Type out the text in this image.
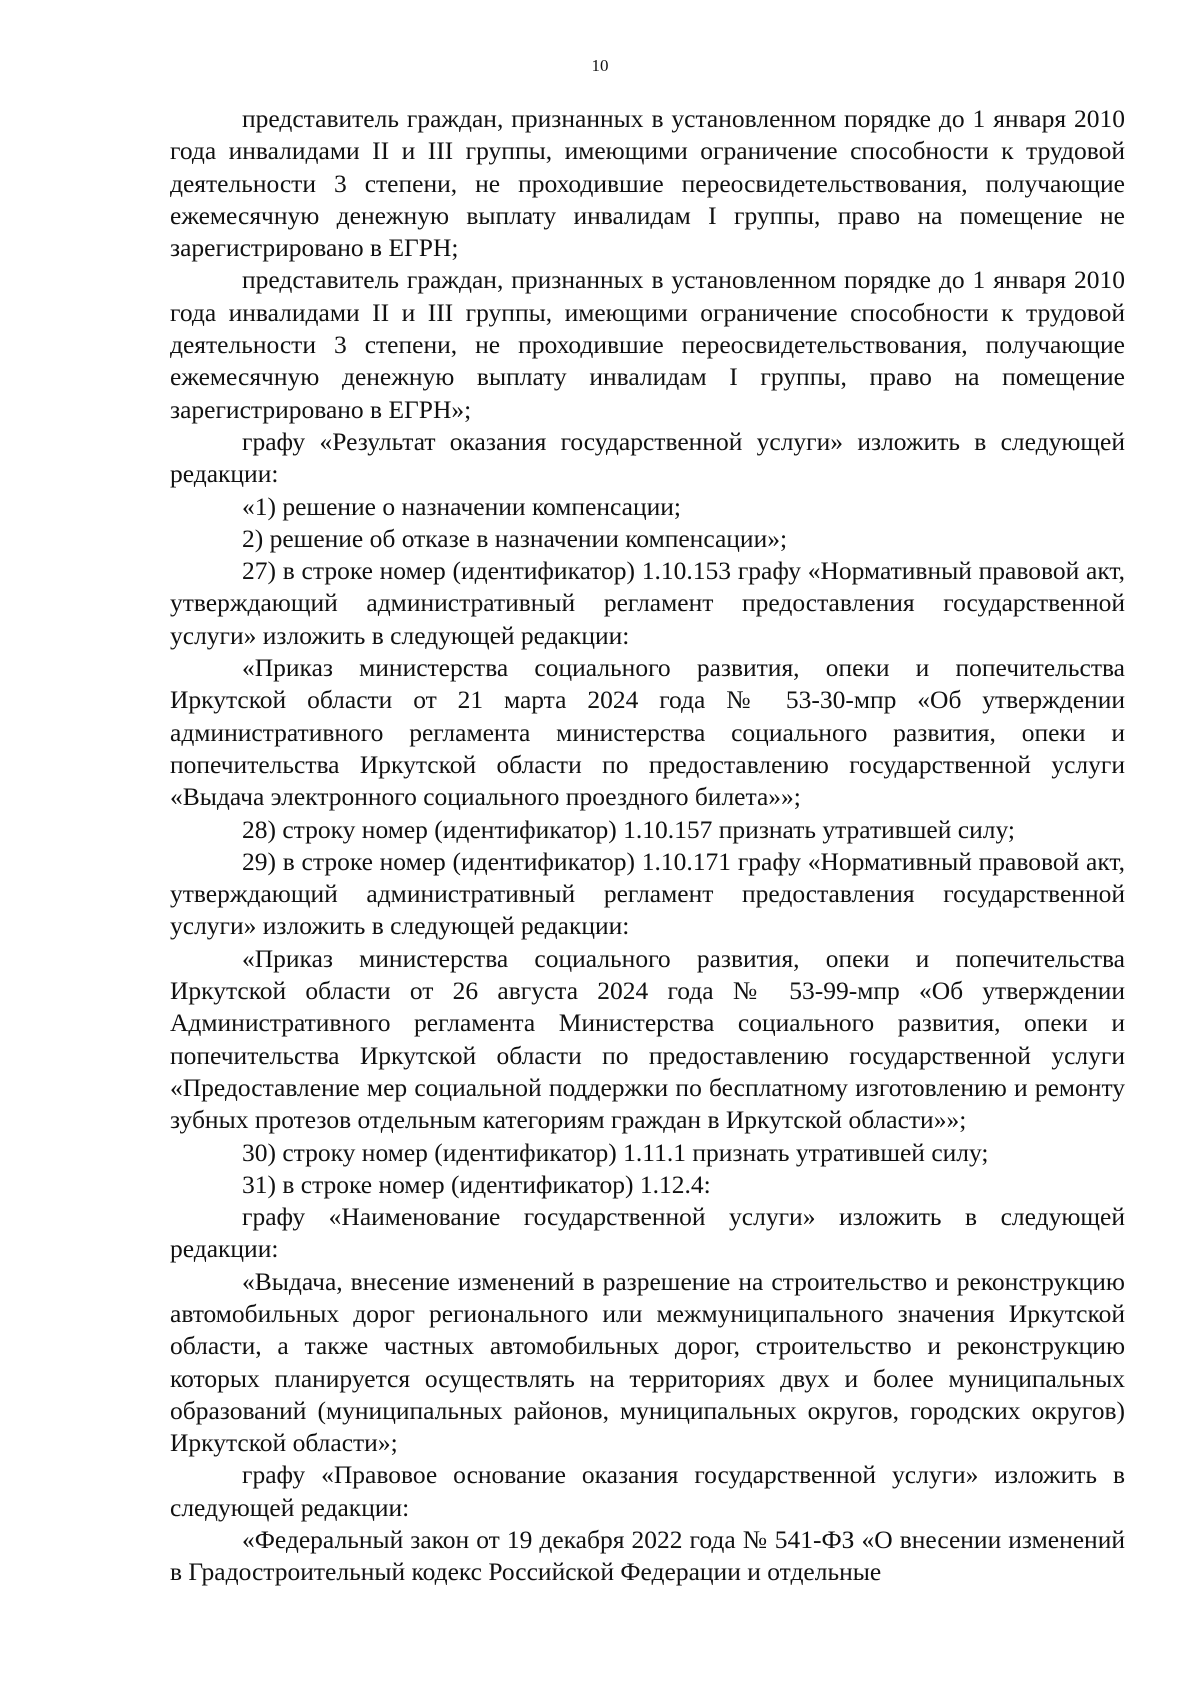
10

представитель граждан, признанных в установленном порядке до 1 января 2010 года инвалидами II и III группы, имеющими ограничение способности к трудовой деятельности 3 степени, не проходившие переосвидетельствования, получающие ежемесячную денежную выплату инвалидам I группы, право на помещение не зарегистрировано в ЕГРН;

представитель граждан, признанных в установленном порядке до 1 января 2010 года инвалидами II и III группы, имеющими ограничение способности к трудовой деятельности 3 степени, не проходившие переосвидетельствования, получающие ежемесячную денежную выплату инвалидам I группы, право на помещение зарегистрировано в ЕГРН»;

графу «Результат оказания государственной услуги» изложить в следующей редакции:

«1) решение о назначении компенсации;

2) решение об отказе в назначении компенсации»;

27) в строке номер (идентификатор) 1.10.153 графу «Нормативный правовой акт, утверждающий административный регламент предоставления государственной услуги» изложить в следующей редакции:

«Приказ министерства социального развития, опеки и попечительства Иркутской области от 21 марта 2024 года № 53-30-мпр «Об утверждении административного регламента министерства социального развития, опеки и попечительства Иркутской области по предоставлению государственной услуги «Выдача электронного социального проездного билета»»;

28) строку номер (идентификатор) 1.10.157 признать утратившей силу;

29) в строке номер (идентификатор) 1.10.171 графу «Нормативный правовой акт, утверждающий административный регламент предоставления государственной услуги» изложить в следующей редакции:

«Приказ министерства социального развития, опеки и попечительства Иркутской области от 26 августа 2024 года № 53-99-мпр «Об утверждении Административного регламента Министерства социального развития, опеки и попечительства Иркутской области по предоставлению государственной услуги «Предоставление мер социальной поддержки по бесплатному изготовлению и ремонту зубных протезов отдельным категориям граждан в Иркутской области»»;

30) строку номер (идентификатор) 1.11.1 признать утратившей силу;

31) в строке номер (идентификатор) 1.12.4:

графу «Наименование государственной услуги» изложить в следующей редакции:

«Выдача, внесение изменений в разрешение на строительство и реконструкцию автомобильных дорог регионального или межмуниципального значения Иркутской области, а также частных автомобильных дорог, строительство и реконструкцию которых планируется осуществлять на территориях двух и более муниципальных образований (муниципальных районов, муниципальных округов, городских округов) Иркутской области»;

графу «Правовое основание оказания государственной услуги» изложить в следующей редакции:

«Федеральный закон от 19 декабря 2022 года № 541-ФЗ «О внесении изменений в Градостроительный кодекс Российской Федерации и отдельные
